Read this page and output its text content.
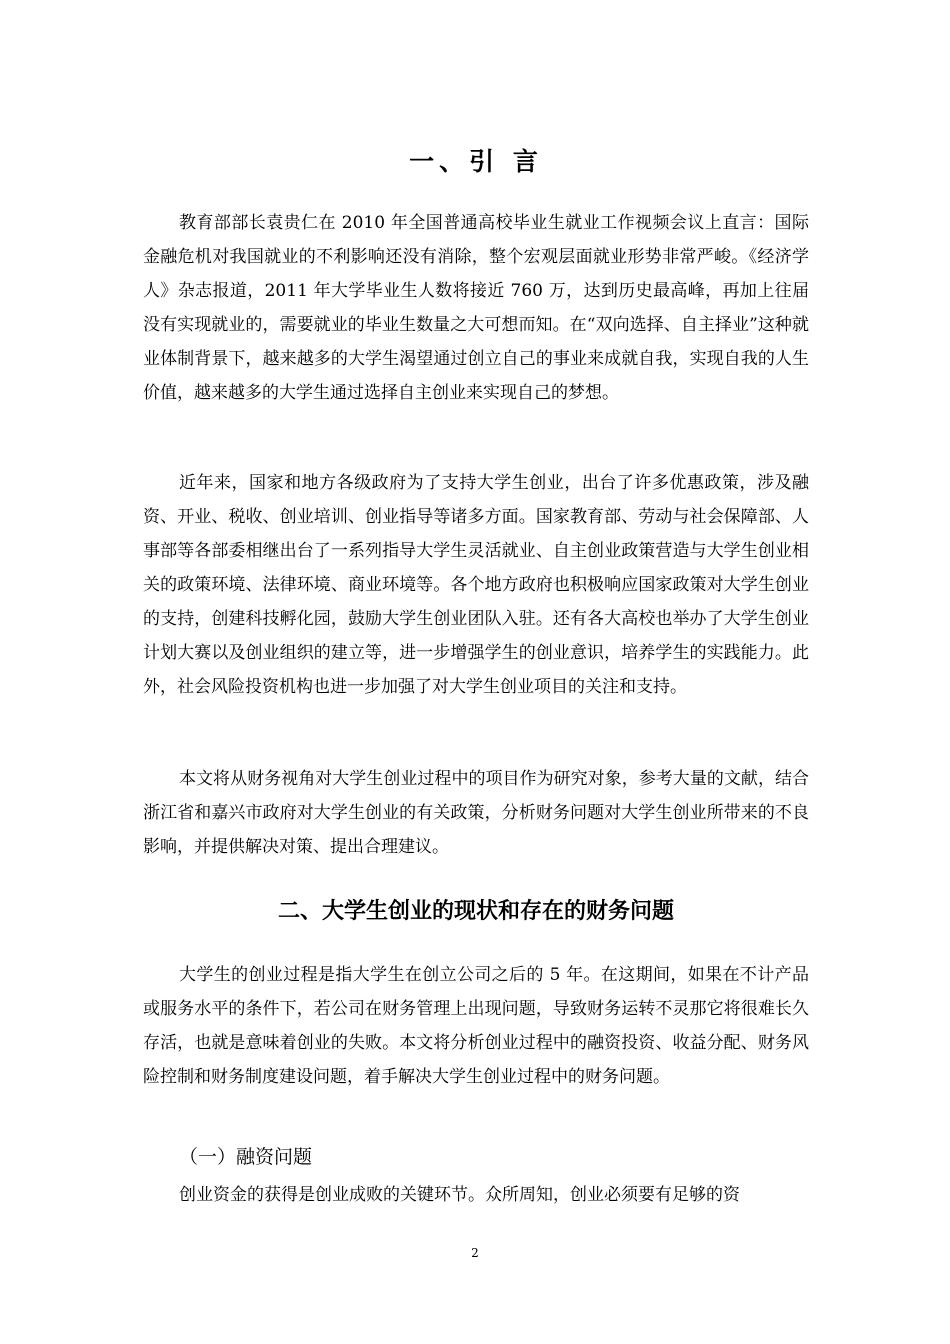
一、引 言

教育部部长袁贵仁在 2010 年全国普通高校毕业生就业工作视频会议上直言：国际金融危机对我国就业的不利影响还没有消除，整个宏观层面就业形势非常严峻。《经济学人》杂志报道，2011 年大学毕业生人数将接近 760 万，达到历史最高峰，再加上往届没有实现就业的，需要就业的毕业生数量之大可想而知。在“双向选择、自主择业”这种就业体制背景下，越来越多的大学生渴望通过创立自己的事业来成就自我，实现自我的人生价值，越来越多的大学生通过选择自主创业来实现自己的梦想。

近年来，国家和地方各级政府为了支持大学生创业，出台了许多优惠政策，涉及融资、开业、税收、创业培训、创业指导等诸多方面。国家教育部、劳动与社会保障部、人事部等各部委相继出台了一系列指导大学生灵活就业、自主创业政策营造与大学生创业相关的政策环境、法律环境、商业环境等。各个地方政府也积极响应国家政策对大学生创业的支持，创建科技孵化园，鼓励大学生创业团队入驻。还有各大高校也举办了大学生创业计划大赛以及创业组织的建立等，进一步增强学生的创业意识，培养学生的实践能力。此外，社会风险投资机构也进一步加强了对大学生创业项目的关注和支持。

本文将从财务视角对大学生创业过程中的项目作为研究对象，参考大量的文献，结合浙江省和嘉兴市政府对大学生创业的有关政策，分析财务问题对大学生创业所带来的不良影响，并提供解决对策、提出合理建议。

二、大学生创业的现状和存在的财务问题

大学生的创业过程是指大学生在创立公司之后的 5 年。在这期间，如果在不计产品或服务水平的条件下，若公司在财务管理上出现问题，导致财务运转不灵那它将很难长久存活，也就是意味着创业的失败。本文将分析创业过程中的融资投资、收益分配、财务风险控制和财务制度建设问题，着手解决大学生创业过程中的财务问题。

（一）融资问题

创业资金的获得是创业成败的关键环节。众所周知，创业必须要有足够的资

2
